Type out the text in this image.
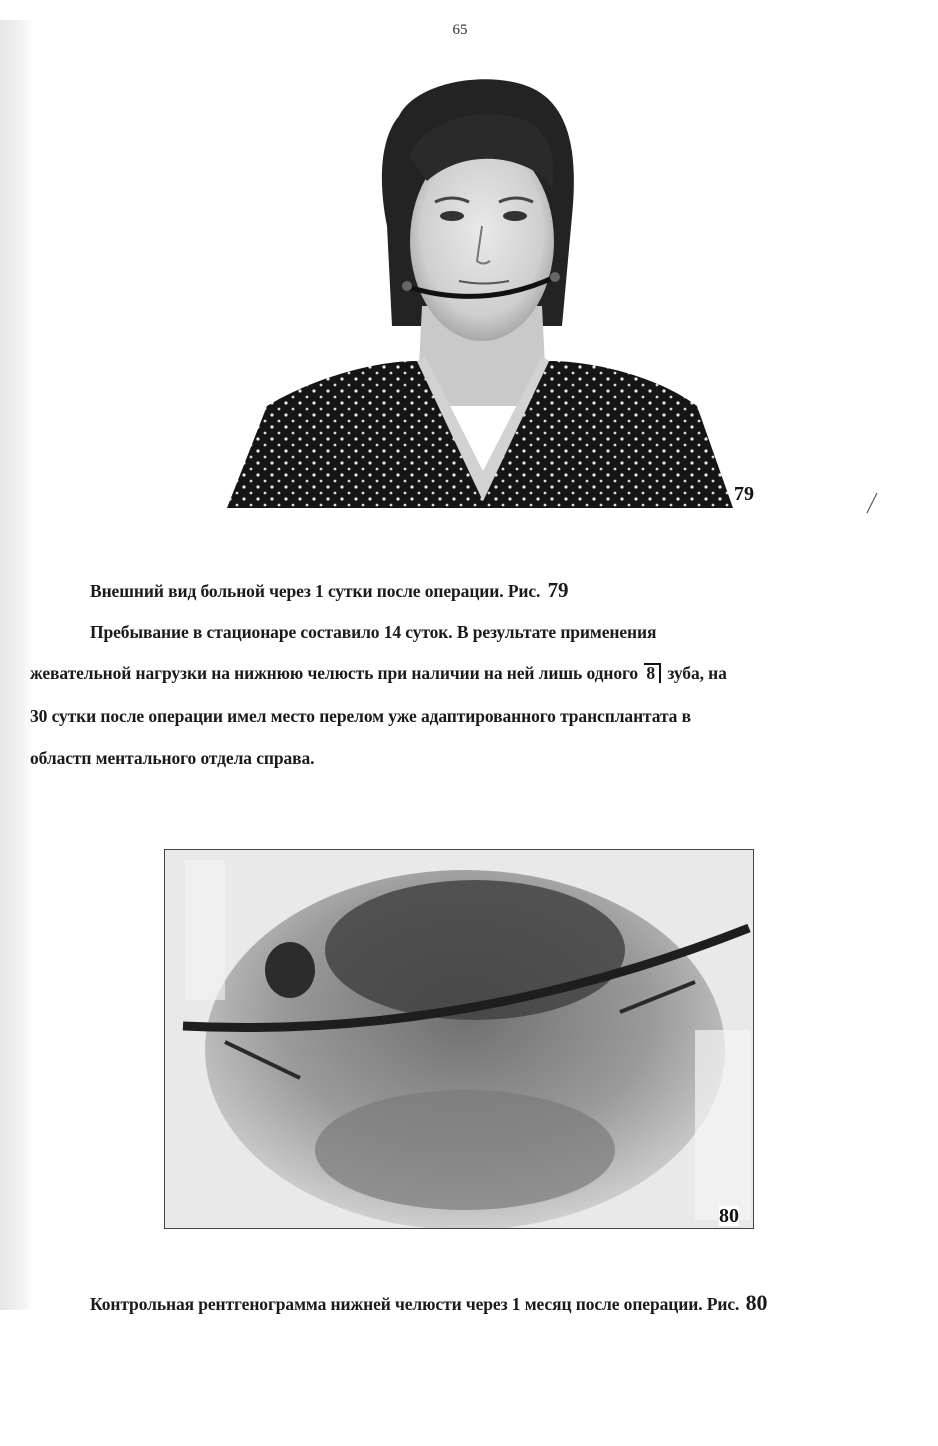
65
79
Внешний вид больной через 1 сутки после операции. Рис. 79
Пребывание в стационаре составило 14 суток. В результате применения
жевательной нагрузки на нижнюю челюсть при наличии на ней лишь одного 8 зуба, на
30 сутки после операции имел место перелом уже адаптированного трансплантата в
областп ментального отдела справа.
80
Контрольная рентгенограмма нижней челюсти через 1 месяц после операции. Рис. 80
